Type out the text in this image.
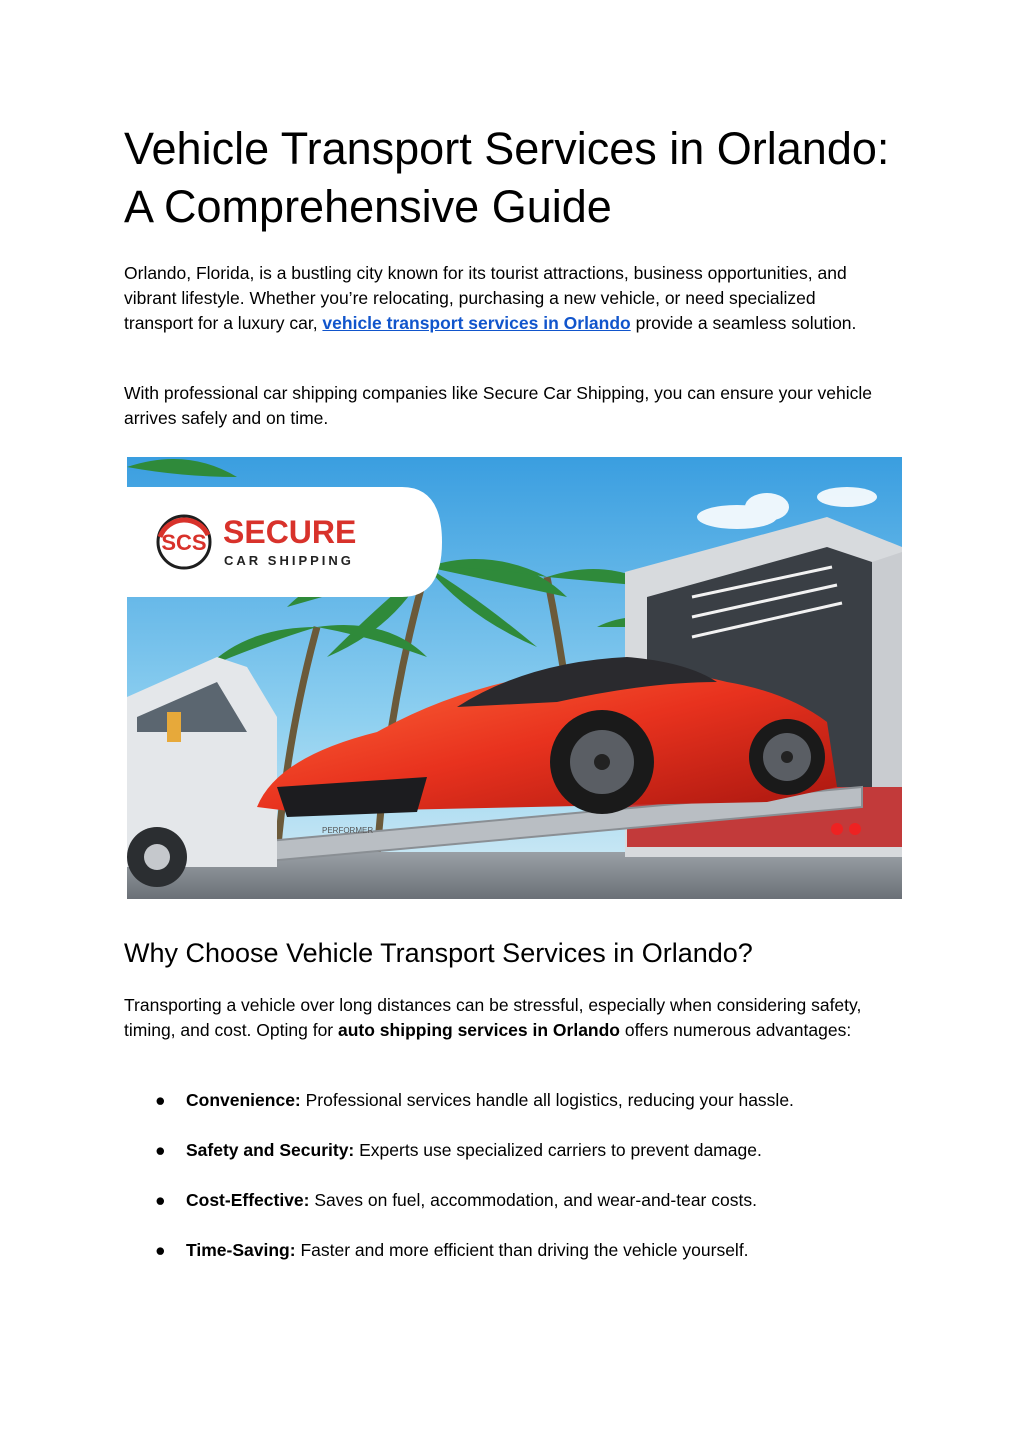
Vehicle Transport Services in Orlando:
A Comprehensive Guide

Orlando, Florida, is a bustling city known for its tourist attractions, business opportunities, and vibrant lifestyle. Whether you’re relocating, purchasing a new vehicle, or need specialized transport for a luxury car, vehicle transport services in Orlando provide a seamless solution.

With professional car shipping companies like Secure Car Shipping, you can ensure your vehicle arrives safely and on time.

PERFORMER
SCS SECURE
CAR SHIPPING
Why Choose Vehicle Transport Services in Orlando?

Transporting a vehicle over long distances can be stressful, especially when considering safety, timing, and cost. Opting for auto shipping services in Orlando offers numerous advantages:

● Convenience: Professional services handle all logistics, reducing your hassle.
● Safety and Security: Experts use specialized carriers to prevent damage.
● Cost-Effective: Saves on fuel, accommodation, and wear-and-tear costs.
● Time-Saving: Faster and more efficient than driving the vehicle yourself.
